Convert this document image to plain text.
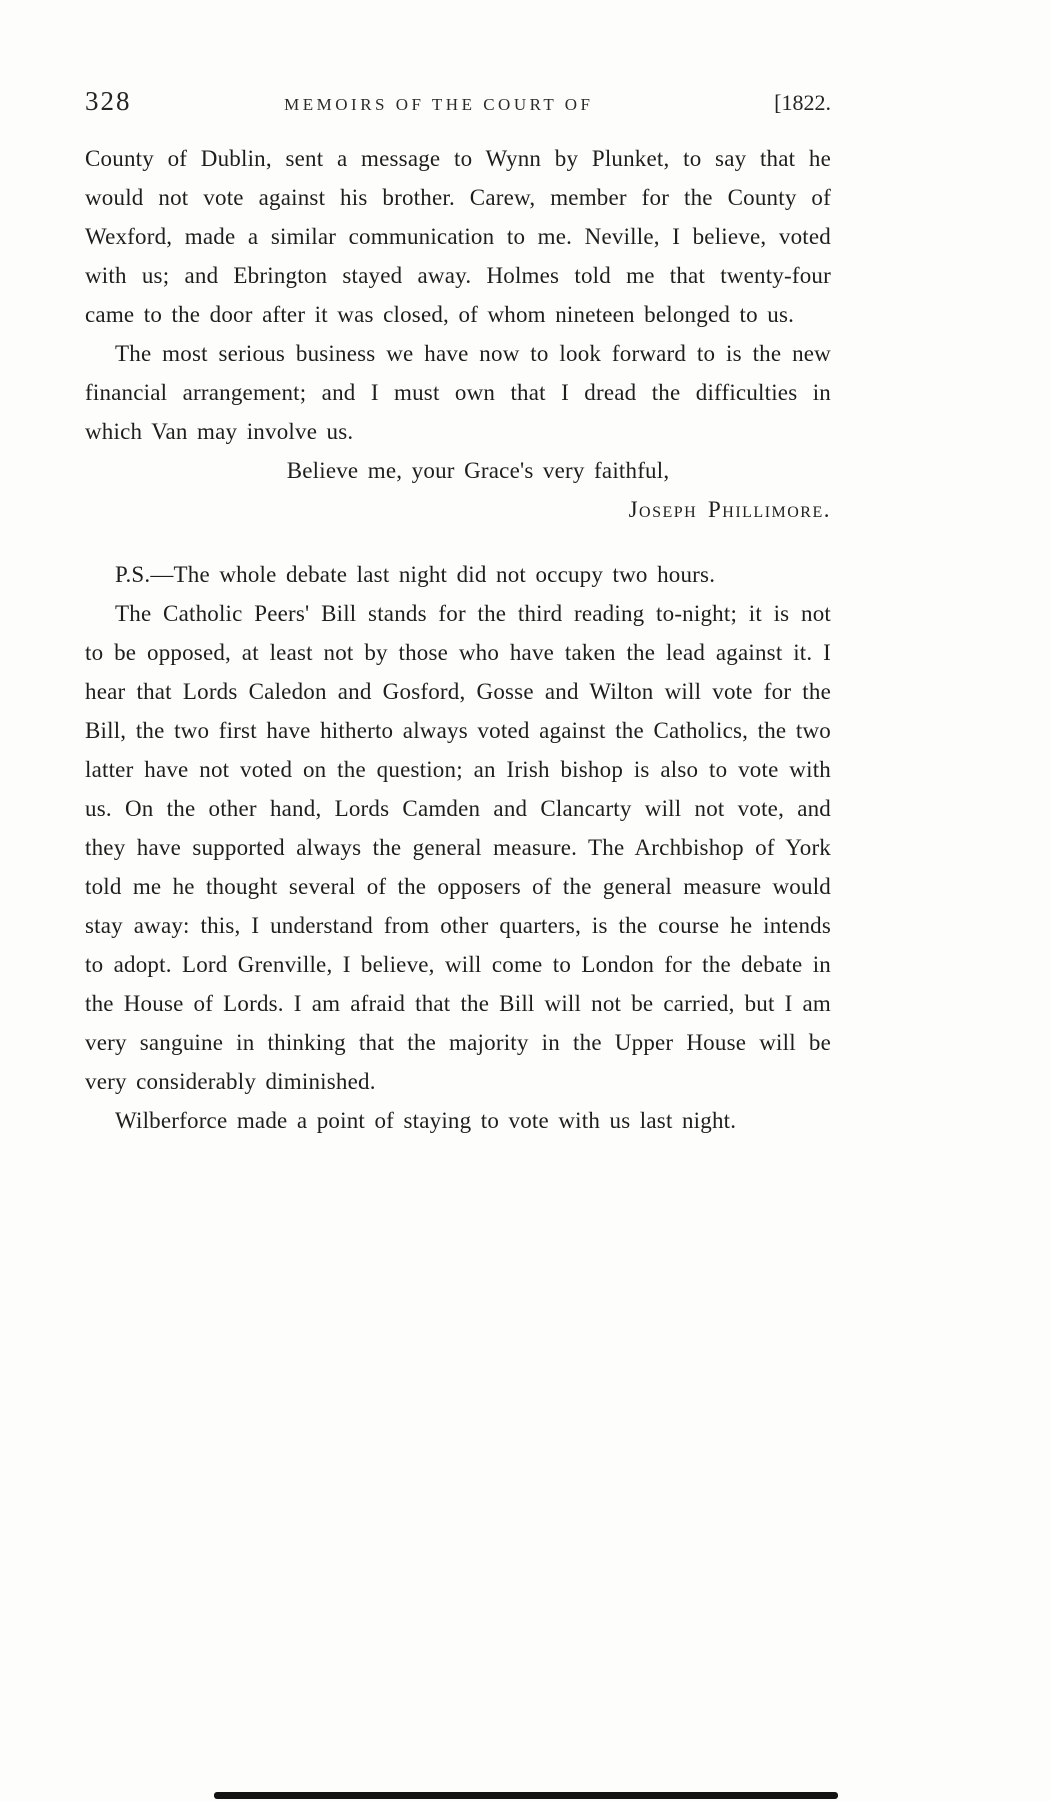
328	MEMOIRS OF THE COURT OF	[1822.

County of Dublin, sent a message to Wynn by Plunket, to say that he would not vote against his brother. Carew, member for the County of Wexford, made a similar communication to me. Neville, I believe, voted with us; and Ebrington stayed away. Holmes told me that twenty-four came to the door after it was closed, of whom nineteen belonged to us.

The most serious business we have now to look forward to is the new financial arrangement; and I must own that I dread the difficulties in which Van may involve us.

Believe me, your Grace's very faithful,

Joseph Phillimore.

P.S.—The whole debate last night did not occupy two hours.

The Catholic Peers' Bill stands for the third reading to-night; it is not to be opposed, at least not by those who have taken the lead against it. I hear that Lords Caledon and Gosford, Gosse and Wilton will vote for the Bill, the two first have hitherto always voted against the Catholics, the two latter have not voted on the question; an Irish bishop is also to vote with us. On the other hand, Lords Camden and Clancarty will not vote, and they have supported always the general measure. The Archbishop of York told me he thought several of the opposers of the general measure would stay away: this, I understand from other quarters, is the course he intends to adopt. Lord Grenville, I believe, will come to London for the debate in the House of Lords. I am afraid that the Bill will not be carried, but I am very sanguine in thinking that the majority in the Upper House will be very considerably diminished.

Wilberforce made a point of staying to vote with us last night.
